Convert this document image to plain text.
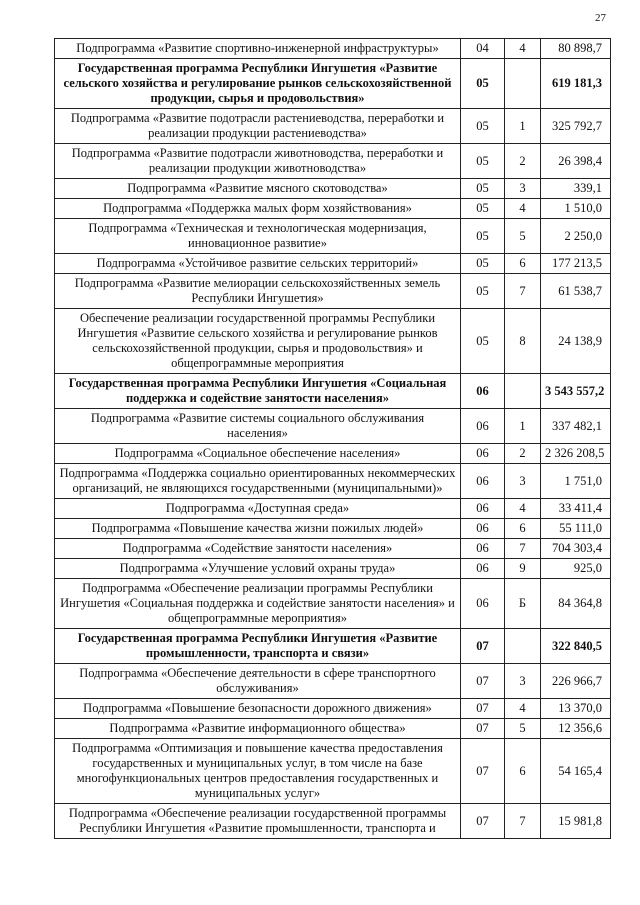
27
Подпрограмма «Развитие спортивно-инженерной инфраструктуры»	04	4	80 898,7
Государственная программа Республики Ингушетия «Развитие сельского хозяйства и регулирование рынков сельскохозяйственной продукции, сырья и продовольствия»	05		619 181,3
Подпрограмма «Развитие подотрасли растениеводства, переработки и реализации продукции растениеводства»	05	1	325 792,7
Подпрограмма «Развитие подотрасли животноводства, переработки и реализации продукции животноводства»	05	2	26 398,4
Подпрограмма «Развитие мясного скотоводства»	05	3	339,1
Подпрограмма «Поддержка малых форм хозяйствования»	05	4	1 510,0
Подпрограмма «Техническая и технологическая модернизация, инновационное развитие»	05	5	2 250,0
Подпрограмма «Устойчивое развитие сельских территорий»	05	6	177 213,5
Подпрограмма «Развитие мелиорации сельскохозяйственных земель Республики Ингушетия»	05	7	61 538,7
Обеспечение реализации государственной программы Республики Ингушетия «Развитие сельского хозяйства и регулирование рынков сельскохозяйственной продукции, сырья и продовольствия» и общепрограммные мероприятия	05	8	24 138,9
Государственная программа Республики Ингушетия «Социальная поддержка и содействие занятости населения»	06		3 543 557,2
Подпрограмма «Развитие системы социального обслуживания населения»	06	1	337 482,1
Подпрограмма «Социальное обеспечение населения»	06	2	2 326 208,5
Подпрограмма «Поддержка социально ориентированных некоммерческих организаций, не являющихся государственными (муниципальными)»	06	3	1 751,0
Подпрограмма «Доступная среда»	06	4	33 411,4
Подпрограмма «Повышение качества жизни пожилых людей»	06	6	55 111,0
Подпрограмма «Содействие занятости населения»	06	7	704 303,4
Подпрограмма «Улучшение условий охраны труда»	06	9	925,0
Подпрограмма «Обеспечение реализации программы Республики Ингушетия «Социальная поддержка и содействие занятости населения» и общепрограммные мероприятия»	06	Б	84 364,8
Государственная программа Республики Ингушетия «Развитие промышленности, транспорта и связи»	07		322 840,5
Подпрограмма «Обеспечение деятельности в сфере транспортного обслуживания»	07	3	226 966,7
Подпрограмма «Повышение безопасности дорожного движения»	07	4	13 370,0
Подпрограмма «Развитие информационного общества»	07	5	12 356,6
Подпрограмма «Оптимизация и повышение качества предоставления государственных и муниципальных услуг, в том числе на базе многофункциональных центров предоставления государственных и муниципальных услуг»	07	6	54 165,4
Подпрограмма «Обеспечение реализации государственной программы Республики Ингушетия «Развитие промышленности, транспорта и	07	7	15 981,8
